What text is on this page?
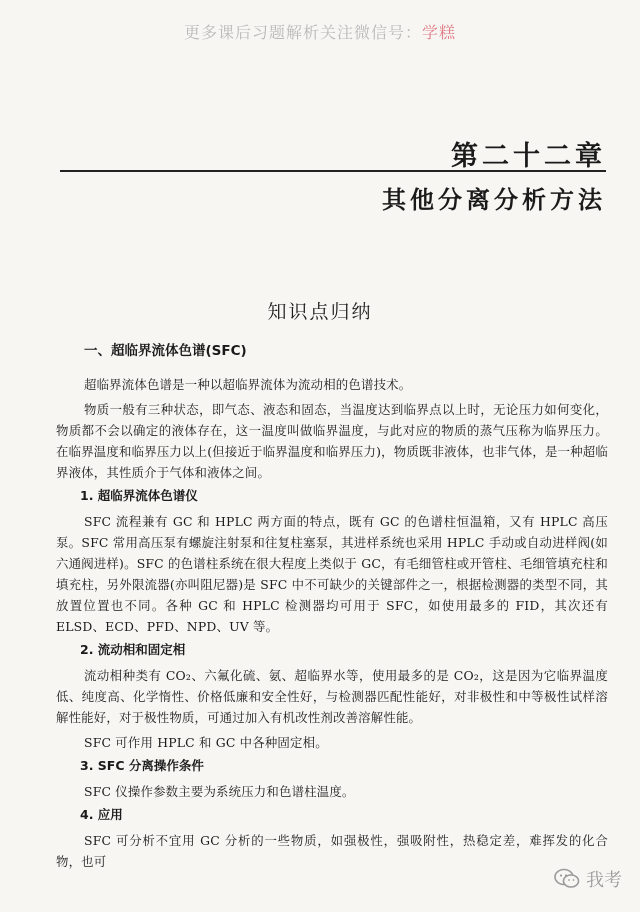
更多课后习题解析关注微信号：学糕
第二十二章
其他分离分析方法
知识点归纳
一、超临界流体色谱(SFC)

超临界流体色谱是一种以超临界流体为流动相的色谱技术。

物质一般有三种状态，即气态、液态和固态，当温度达到临界点以上时，无论压力如何变化，物质都不会以确定的液体存在，这一温度叫做临界温度，与此对应的物质的蒸气压称为临界压力。在临界温度和临界压力以上(但接近于临界温度和临界压力)，物质既非液体，也非气体，是一种超临界液体，其性质介于气体和液体之间。

1. 超临界流体色谱仪

SFC 流程兼有 GC 和 HPLC 两方面的特点，既有 GC 的色谱柱恒温箱，又有 HPLC 高压泵。SFC 常用高压泵有螺旋注射泵和往复柱塞泵，其进样系统也采用 HPLC 手动或自动进样阀(如六通阀进样)。SFC 的色谱柱系统在很大程度上类似于 GC，有毛细管柱或开管柱、毛细管填充柱和填充柱，另外限流器(亦叫阻尼器)是 SFC 中不可缺少的关键部件之一，根据检测器的类型不同，其放置位置也不同。各种 GC 和 HPLC 检测器均可用于 SFC，如使用最多的 FID，其次还有 ELSD、ECD、PFD、NPD、UV 等。

2. 流动相和固定相

流动相种类有 CO₂、六氟化硫、氨、超临界水等，使用最多的是 CO₂，这是因为它临界温度低、纯度高、化学惰性、价格低廉和安全性好，与检测器匹配性能好，对非极性和中等极性试样溶解性能好，对于极性物质，可通过加入有机改性剂改善溶解性能。

SFC 可作用 HPLC 和 GC 中各种固定相。

3. SFC 分离操作条件

SFC 仪操作参数主要为系统压力和色谱柱温度。

4. 应用

SFC 可分析不宜用 GC 分析的一些物质，如强极性，强吸附性，热稳定差，难挥发的化合物，也可

我考
